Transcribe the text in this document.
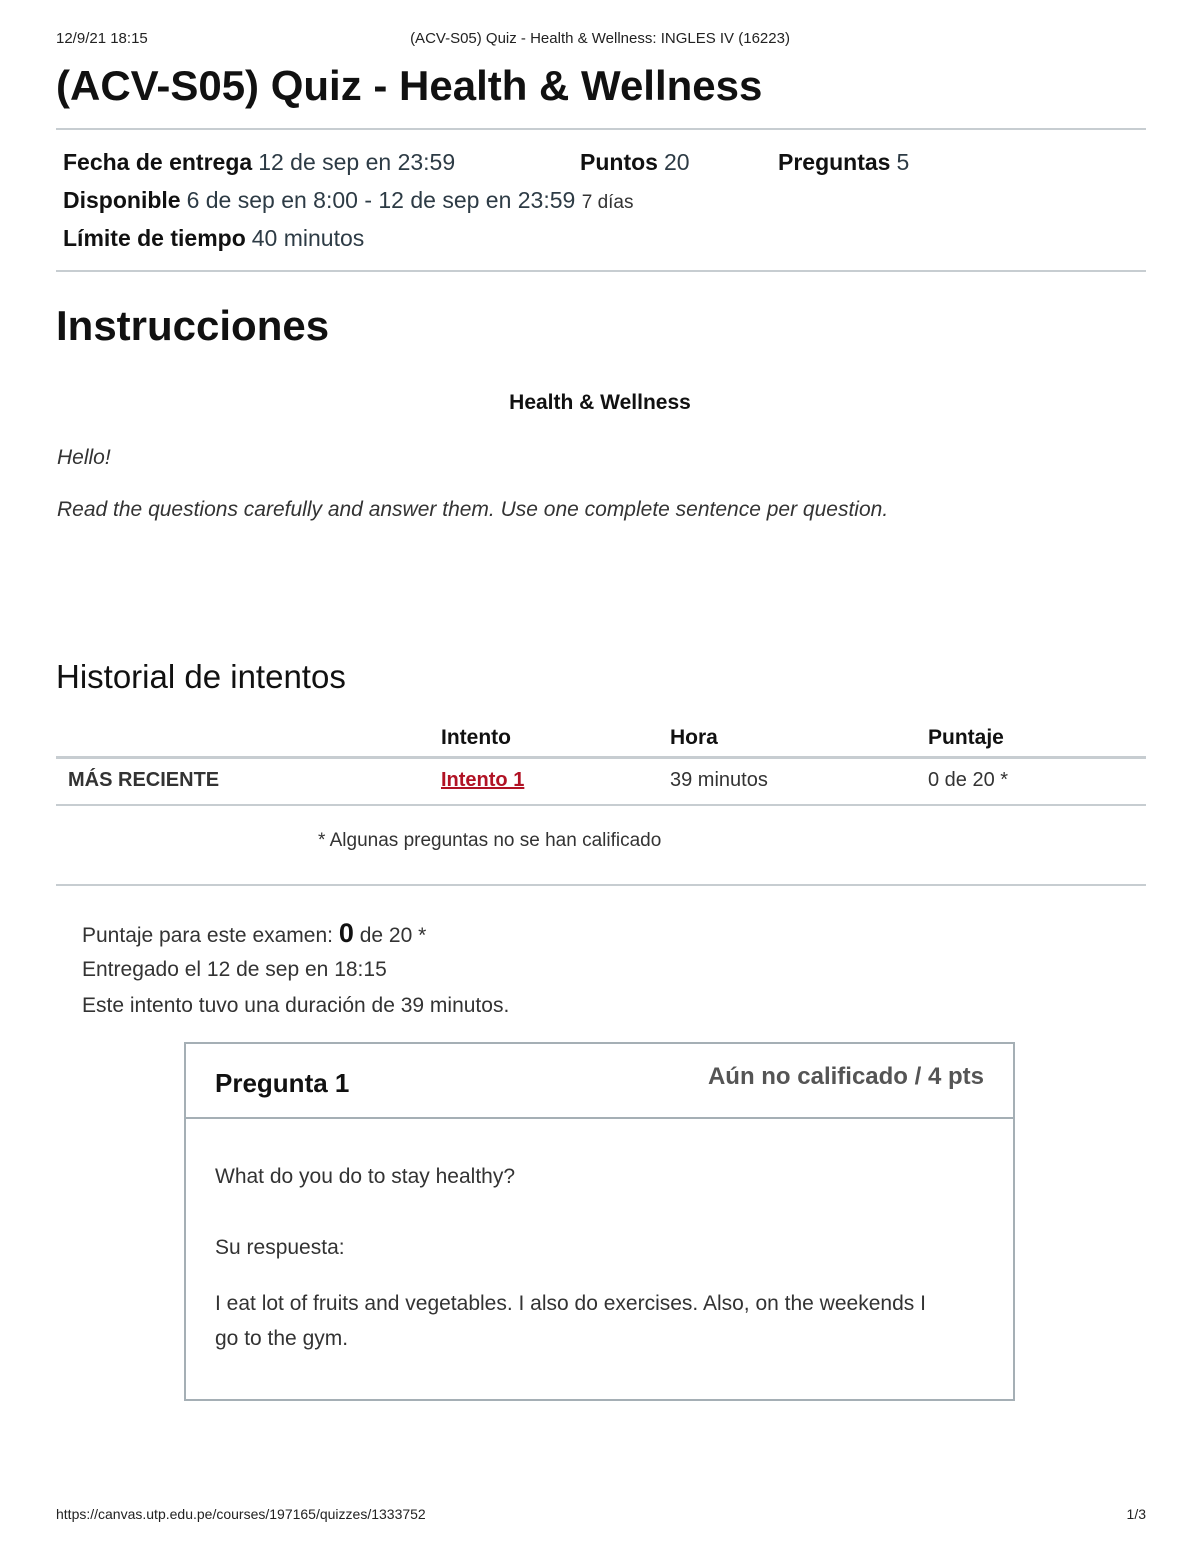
12/9/21 18:15	(ACV-S05) Quiz - Health & Wellness: INGLES IV (16223)
(ACV-S05) Quiz - Health & Wellness
Fecha de entrega 12 de sep en 23:59	Puntos 20	Preguntas 5
Disponible 6 de sep en 8:00 - 12 de sep en 23:59 7 días
Límite de tiempo 40 minutos
Instrucciones
Health & Wellness
Hello!
Read the questions carefully and answer them. Use one complete sentence per question.
Historial de intentos
	Intento	Hora	Puntaje
MÁS RECIENTE	Intento 1	39 minutos	0 de 20 *
* Algunas preguntas no se han calificado
Puntaje para este examen: 0 de 20 *
Entregado el 12 de sep en 18:15
Este intento tuvo una duración de 39 minutos.
Pregunta 1	Aún no calificado / 4 pts
What do you do to stay healthy?
Su respuesta:
I eat lot of fruits and vegetables. I also do exercises. Also, on the weekends I go to the gym.
https://canvas.utp.edu.pe/courses/197165/quizzes/1333752	1/3
